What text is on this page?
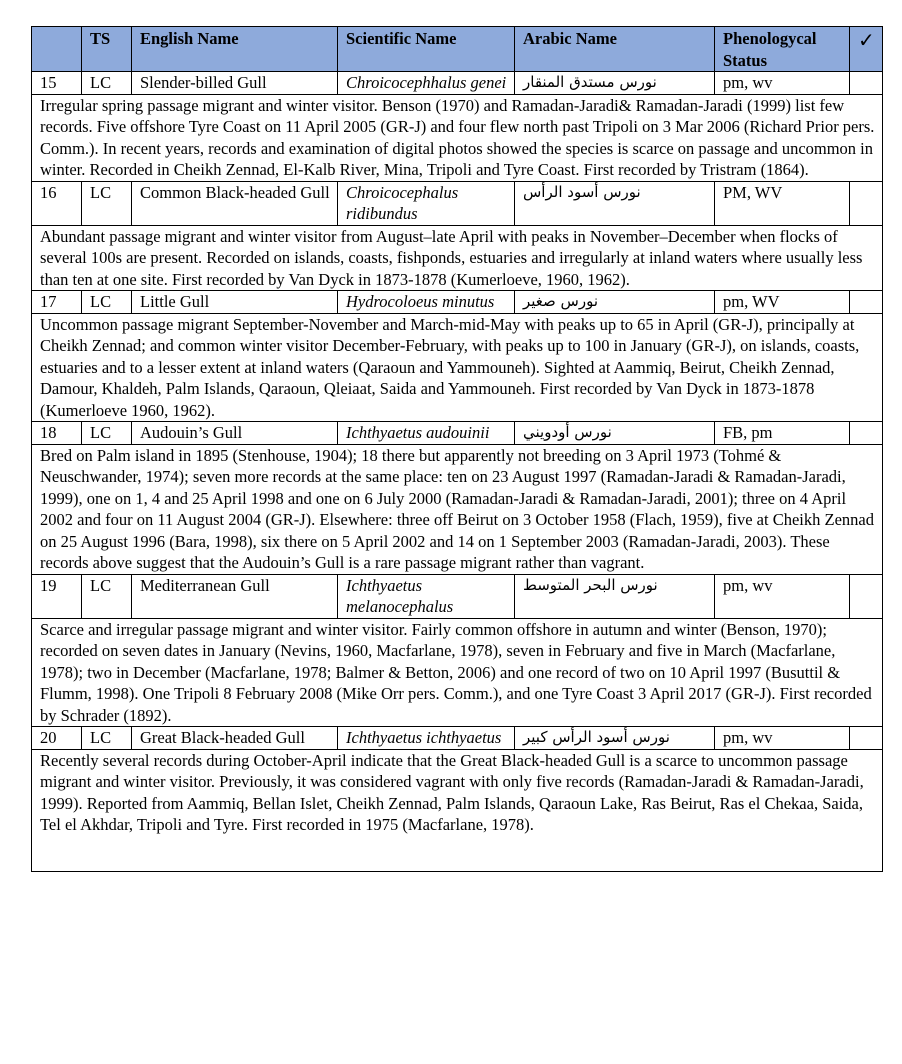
	TS	English Name	Scientific Name	Arabic Name	Phenologycal Status	✓
15	LC	Slender-billed Gull	Chroicocephhalus genei	نورس مستدق المنقار	pm, wv	
Irregular spring passage migrant and winter visitor. Benson (1970) and Ramadan-Jaradi& Ramadan-Jaradi (1999) list few records. Five offshore Tyre Coast on 11 April 2005 (GR-J) and four flew north past Tripoli on 3 Mar 2006 (Richard Prior pers. Comm.). In recent years, records and examination of digital photos showed the species is scarce on passage and uncommon in winter. Recorded in Cheikh Zennad, El-Kalb River, Mina, Tripoli and Tyre Coast. First recorded by Tristram (1864).						
16	LC	Common Black-headed Gull	Chroicocephalus ridibundus	نورس أسود الرأس	PM, WV	
Abundant passage migrant and winter visitor from August–late April with peaks in November–December when flocks of several 100s are present. Recorded on islands, coasts, fishponds, estuaries and irregularly at inland waters where usually less than ten at one site. First recorded by Van Dyck in 1873-1878 (Kumerloeve, 1960, 1962).						
17	LC	Little Gull	Hydrocoloeus minutus	نورس صغير	pm, WV	
Uncommon passage migrant September-November and March-mid-May with peaks up to 65 in April (GR-J), principally at Cheikh Zennad; and common winter visitor December-February, with peaks up to 100 in January (GR-J), on islands, coasts, estuaries and to a lesser extent at inland waters (Qaraoun and Yammouneh). Sighted at Aammiq, Beirut, Cheikh Zennad, Damour, Khaldeh, Palm Islands, Qaraoun, Qleiaat, Saida and Yammouneh. First recorded by Van Dyck in 1873-1878 (Kumerloeve 1960, 1962).						
18	LC	Audouin’s Gull	Ichthyaetus audouinii	نورس أودويني	FB, pm	
Bred on Palm island in 1895 (Stenhouse, 1904); 18 there but apparently not breeding on 3 April 1973 (Tohmé & Neuschwander, 1974); seven more records at the same place: ten on 23 August 1997 (Ramadan-Jaradi & Ramadan-Jaradi, 1999), one on 1, 4 and 25 April 1998 and one on 6 July 2000 (Ramadan-Jaradi & Ramadan-Jaradi, 2001); three on 4 April 2002 and four on 11 August 2004 (GR-J). Elsewhere: three off Beirut on 3 October 1958 (Flach, 1959), five at Cheikh Zennad on 25 August 1996 (Bara, 1998), six there on 5 April 2002 and 14 on 1 September 2003 (Ramadan-Jaradi, 2003). These records above suggest that the Audouin’s Gull is a rare passage migrant rather than vagrant.						
19	LC	Mediterranean Gull	Ichthyaetus melanocephalus	نورس البحر المتوسط	pm, wv	
Scarce and irregular passage migrant and winter visitor. Fairly common offshore in autumn and winter (Benson, 1970); recorded on seven dates in January (Nevins, 1960, Macfarlane, 1978), seven in February and five in March (Macfarlane, 1978); two in December (Macfarlane, 1978; Balmer & Betton, 2006) and one record of two on 10 April 1997 (Busuttil & Flumm, 1998). One Tripoli 8 February 2008 (Mike Orr pers. Comm.), and one Tyre Coast 3 April 2017 (GR-J). First recorded by Schrader (1892).						
20	LC	Great Black-headed Gull	Ichthyaetus ichthyaetus	نورس أسود الرأس كبير	pm, wv	
Recently several records during October-April indicate that the Great Black-headed Gull is a scarce to uncommon passage migrant and winter visitor. Previously, it was considered vagrant with only five records (Ramadan-Jaradi & Ramadan-Jaradi, 1999). Reported from Aammiq, Bellan Islet, Cheikh Zennad, Palm Islands, Qaraoun Lake, Ras Beirut, Ras el Chekaa, Saida, Tel el Akhdar, Tripoli and Tyre. First recorded in 1975 (Macfarlane, 1978).						
